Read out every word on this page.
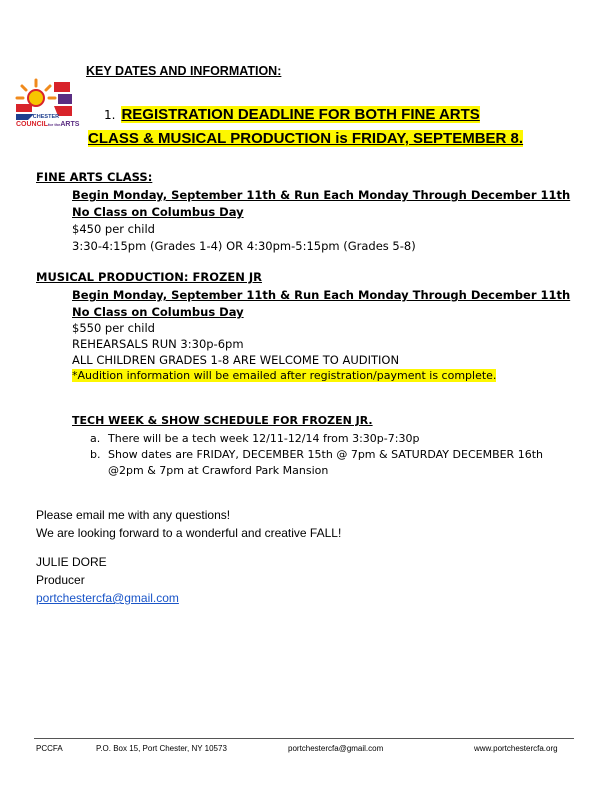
PORT CHESTER
COUNCILfor theARTS
KEY DATES AND INFORMATION:
1. REGISTRATION DEADLINE FOR BOTH FINE ARTS
CLASS & MUSICAL PRODUCTION is FRIDAY, SEPTEMBER 8.
FINE ARTS CLASS:
Begin Monday, September 11th & Run Each Monday Through December 11th
No Class on Columbus Day
$450 per child
3:30-4:15pm (Grades 1-4) OR 4:30pm-5:15pm (Grades 5-8)
MUSICAL PRODUCTION: FROZEN JR
Begin Monday, September 11th & Run Each Monday Through December 11th
No Class on Columbus Day
$550 per child
REHEARSALS RUN 3:30p-6pm
ALL CHILDREN GRADES 1-8 ARE WELCOME TO AUDITION
*Audition information will be emailed after registration/payment is complete.
TECH WEEK & SHOW SCHEDULE FOR FROZEN JR.
a. There will be a tech week 12/11-12/14 from 3:30p-7:30p
b. Show dates are FRIDAY, DECEMBER 15th @ 7pm & SATURDAY DECEMBER 16th
@2pm & 7pm at Crawford Park Mansion
Please email me with any questions!
We are looking forward to a wonderful and creative FALL!
JULIE DORE
Producer
portchestercfa@gmail.com
PCCFA	P.O. Box 15, Port Chester, NY 10573	portchestercfa@gmail.com	www.portchestercfa.org
